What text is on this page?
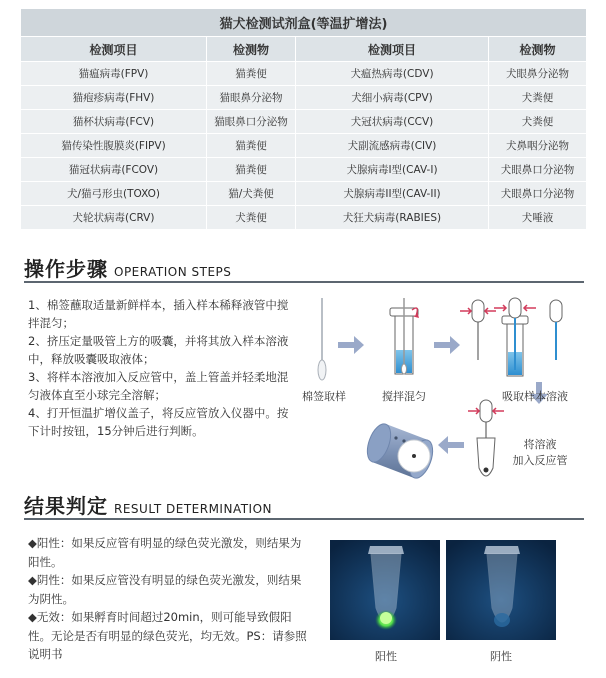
猫犬检测试剂盒(等温扩增法)			
检测项目	检测物	检测项目	检测物
猫瘟病毒(FPV)	猫粪便	犬瘟热病毒(CDV)	犬眼鼻分泌物
猫疱疹病毒(FHV)	猫眼鼻分泌物	犬细小病毒(CPV)	犬粪便
猫杯状病毒(FCV)	猫眼鼻口分泌物	犬冠状病毒(CCV)	犬粪便
猫传染性腹膜炎(FIPV)	猫粪便	犬副流感病毒(CIV)	犬鼻咽分泌物
猫冠状病毒(FCOV)	猫粪便	犬腺病毒I型(CAV-I)	犬眼鼻口分泌物
犬/猫弓形虫(TOXO)	猫/犬粪便	犬腺病毒II型(CAV-II)	犬眼鼻口分泌物
犬轮状病毒(CRV)	犬粪便	犬狂犬病毒(RABIES)	犬唾液
操作步骤 OPERATION STEPS

1、棉签蘸取适量新鲜样本，插入样本稀释液管中搅拌混匀；

2、挤压定量吸管上方的吸囊，并将其放入样本溶液中，释放吸囊吸取液体；

3、将样本溶液加入反应管中，盖上管盖并轻柔地混匀液体直至小球完全溶解；

4、打开恒温扩增仪盖子，将反应管放入仪器中。按下计时按钮，15分钟后进行判断。

棉签取样	搅拌混匀	吸取样本溶液
将溶液
加入反应管
结果判定 RESULT DETERMINATION

◆阳性：如果反应管有明显的绿色荧光激发，则结果为阳性。

◆阴性：如果反应管没有明显的绿色荧光激发，则结果为阴性。

◆无效：如果孵育时间超过20min，则可能导致假阳性。无论是否有明显的绿色荧光，均无效。PS：请参照说明书	阳性	阴性
